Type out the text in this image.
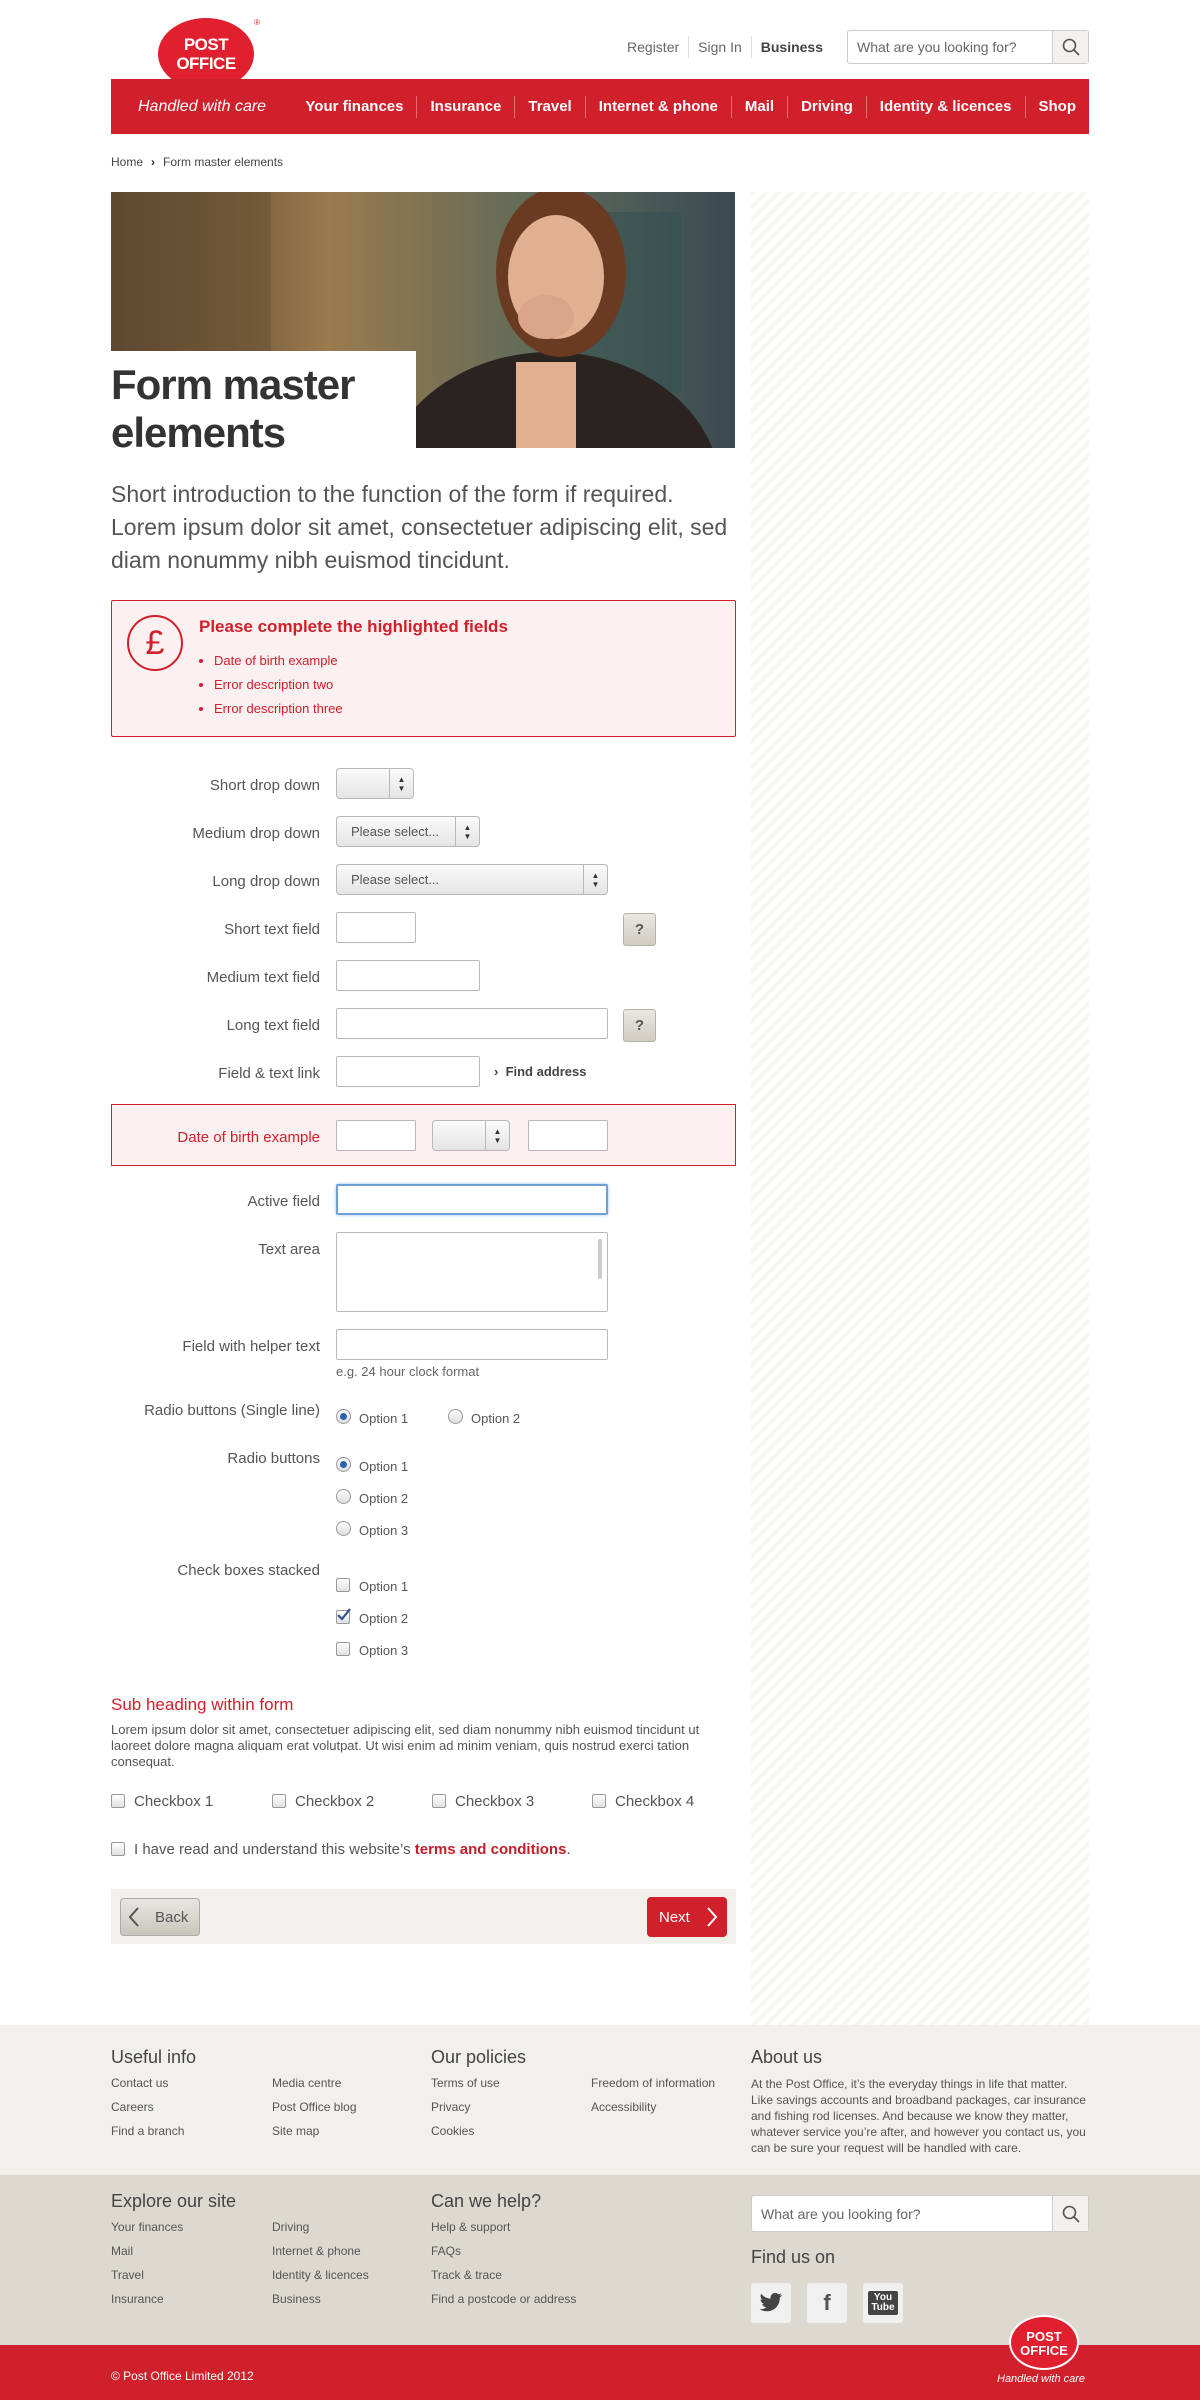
POST OFFICE
®
Register	Sign In	Business
What are you looking for?
Handled with care	Your finances	Insurance	Travel	Internet & phone	Mail	Driving	Identity & licences	Shop
Home › Form master elements
Form master
elements

Short introduction to the function of the form if required. Lorem ipsum dolor sit amet, consectetuer adipiscing elit, sed diam nonummy nibh euismod tincidunt.

£	Please complete the highlighted fields
• Date of birth example
• Error description two
• Error description three
Short drop down	▲
▼
Medium drop down	Please select...	▲
▼
Long drop down	Please select...	▲
▼
Short text field	?
Medium text field
Long text field	?
Field & text link	›  Find address
Date of birth example	▲
▼
Active field
Text area
Field with helper text
e.g. 24 hour clock format
Radio buttons (Single line)	Option 1	Option 2
Radio buttons	Option 1
Option 2
Option 3
Check boxes stacked
Option 1
Option 2
Option 3
Sub heading within form

Lorem ipsum dolor sit amet, consectetuer adipiscing elit, sed diam nonummy nibh euismod tincidunt ut laoreet dolore magna aliquam erat volutpat. Ut wisi enim ad minim veniam, quis nostrud exerci tation consequat.

Checkbox 1	Checkbox 2	Checkbox 3	Checkbox 4
I have read and understand this website’s terms and conditions.
Back	Next
Useful info
Contact us
Careers
Find a branch
Media centre
Post Office blog
Site map
Our policies
Terms of use
Privacy
Cookies
Freedom of information
Accessibility
About us

At the Post Office, it’s the everyday things in life that matter. Like savings accounts and broadband packages, car insurance and fishing rod licenses. And because we know they matter, whatever service you’re after, and however you contact us, you can be sure your request will be handled with care.

Explore our site
Your finances
Mail
Travel
Insurance
Driving
Internet & phone
Identity & licences
Business
Can we help?
Help & support
FAQs
Track & trace
Find a postcode or address
What are you looking for?
Find us on
f	You Tube
© Post Office Limited 2012
POST OFFICE
Handled with care
